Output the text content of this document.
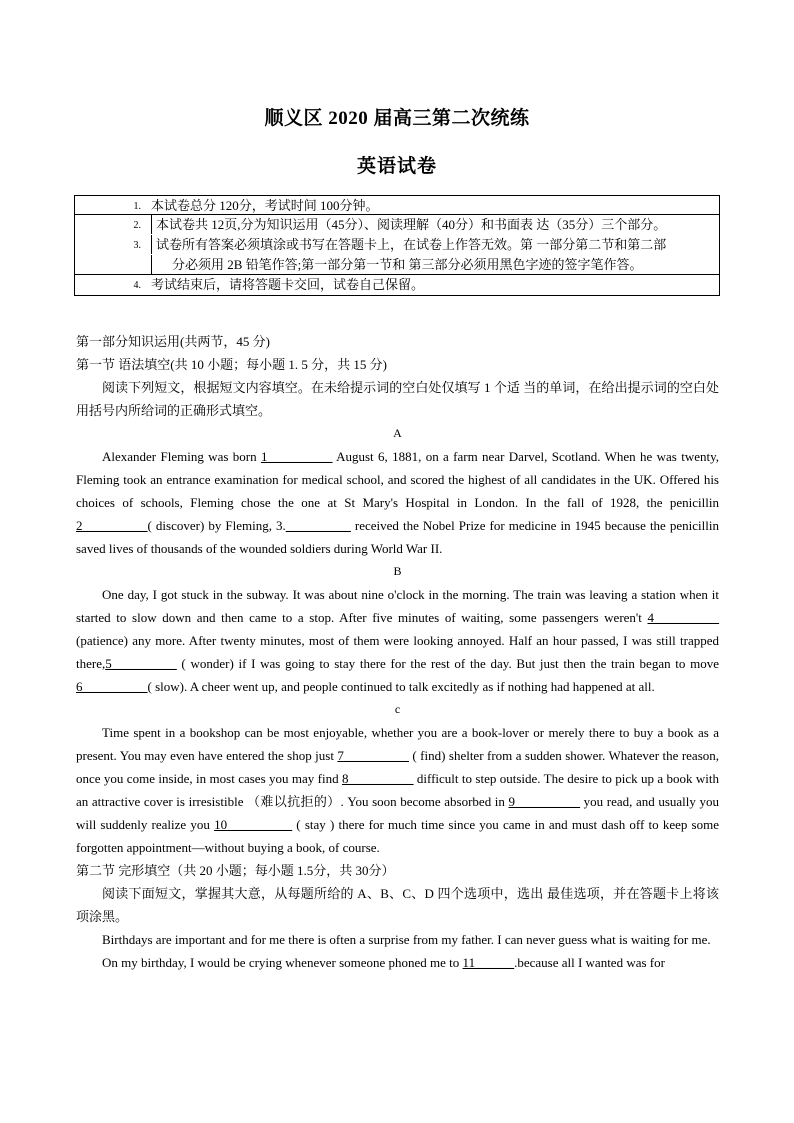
顺义区 2020 届高三第二次统练
英语试卷
1. 本试卷总分 120分，考试时间 100分钟。
2.	本试卷共 12页,分为知识运用（45分）、阅读理解（40分）和书面表 达（35分）三个部分。
3.	试卷所有答案必须填涂或书写在答题卡上，在试卷上作答无效。第 一部分第二节和第二部
分必须用 2B 铅笔作答;第一部分第一节和 第三部分必须用黑色字迹的签字笔作答。
4. 考试结束后，请将答题卡交回，试卷自己保留。

第一部分知识运用(共两节，45 分)

第一节 语法填空(共 10 小题；每小题 1. 5 分，共 15 分)

阅读下列短文，根据短文内容填空。在未给提示词的空白处仅填写 1 个适 当的单词，在给出提示词的空白处用括号内所给词的正确形式填空。

A

Alexander Fleming was born 1__________ August 6, 1881, on a farm near Darvel, Scotland. When he was twenty, Fleming took an entrance examination for medical school, and scored the highest of all candidates in the UK. Offered his choices of schools, Fleming chose the one at St Mary's Hospital in London. In the fall of 1928, the penicillin 2__________( discover) by Fleming, 3.__________ received the Nobel Prize for medicine in 1945 because the penicillin saved lives of thousands of the wounded soldiers during World War II.

B

One day, I got stuck in the subway. It was about nine o'clock in the morning. The train was leaving a station when it started to slow down and then came to a stop. After five minutes of waiting, some passengers weren't 4__________ (patience) any more. After twenty minutes, most of them were looking annoyed. Half an hour passed, I was still trapped there,5__________ ( wonder) if I was going to stay there for the rest of the day. But just then the train began to move 6__________( slow). A cheer went up, and people continued to talk excitedly as if nothing had happened at all.

c

Time spent in a bookshop can be most enjoyable, whether you are a book-lover or merely there to buy a book as a present. You may even have entered the shop just 7__________ ( find) shelter from a sudden shower. Whatever the reason, once you come inside, in most cases you may find 8__________ difficult to step outside. The desire to pick up a book with an attractive cover is irresistible （难以抗拒的）. You soon become absorbed in 9__________ you read, and usually you will suddenly realize you 10__________ ( stay ) there for much time since you came in and must dash off to keep some forgotten appointment—without buying a book, of course.

第二节 完形填空（共 20 小题；每小题 1.5分，共 30分）

阅读下面短文，掌握其大意，从每题所给的 A、B、C、D 四个选项中，选出 最佳选项，并在答题卡上将该项涂黑。

Birthdays are important and for me there is often a surprise from my father. I can never guess what is waiting for me.

On my birthday, I would be crying whenever someone phoned me to 11______.because all I wanted was for
